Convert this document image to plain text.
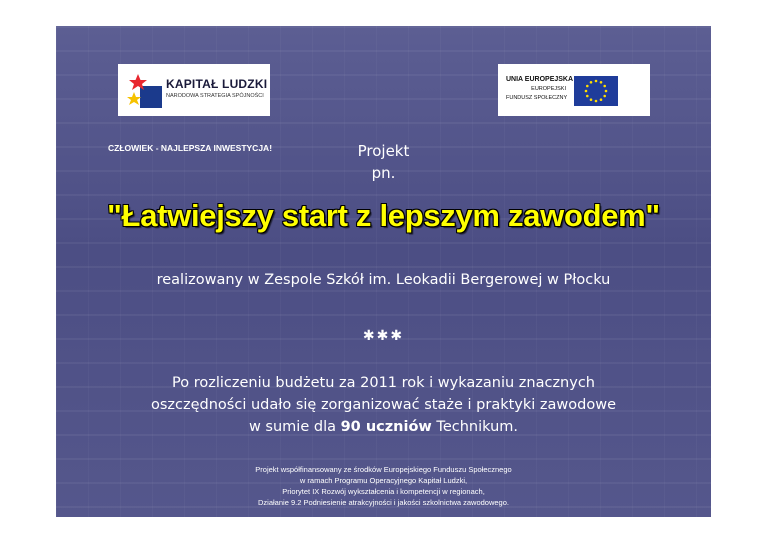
KAPITAŁ LUDZKI
NARODOWA STRATEGIA SPÓJNOŚCI
UNIA EUROPEJSKA
EUROPEJSKI
FUNDUSZ SPOŁECZNY
CZŁOWIEK - NAJLEPSZA INWESTYCJA!	Projekt
pn.
"Łatwiejszy start z lepszym zawodem"
realizowany w Zespole Szkół im. Leokadii Bergerowej w Płocku
✱✱✱
Po rozliczeniu budżetu za 2011 rok i wykazaniu znacznych
oszczędności udało się zorganizować staże i praktyki zawodowe
w sumie dla 90 uczniów Technikum.
Projekt współfinansowany ze środków Europejskiego Funduszu Społecznego
w ramach Programu Operacyjnego Kapitał Ludzki,
Priorytet IX Rozwój wykształcenia i kompetencji w regionach,
Działanie 9.2 Podniesienie atrakcyjności i jakości szkolnictwa zawodowego.
